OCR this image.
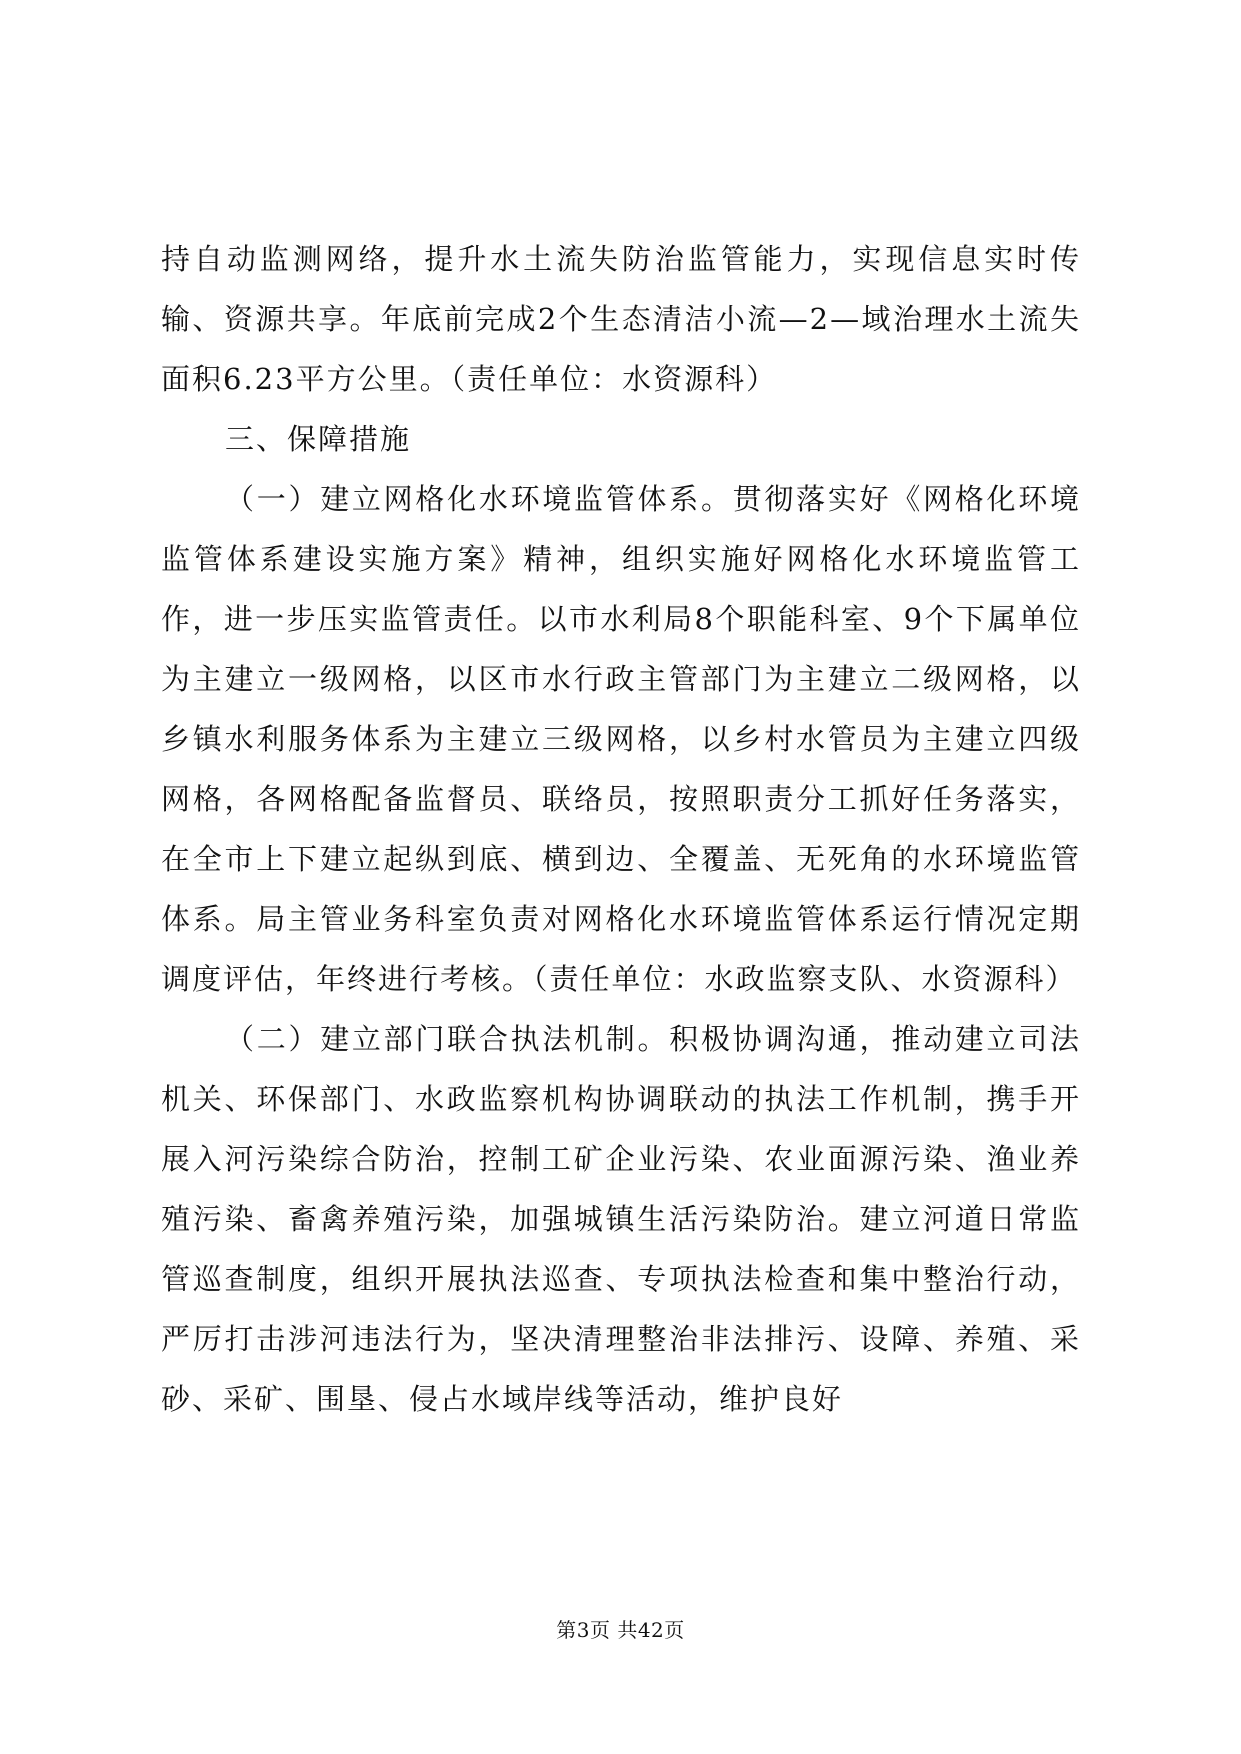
持自动监测网络，提升水土流失防治监管能力，实现信息实时传输、资源共享。年底前完成2个生态清洁小流—2—域治理水土流失面积6.23平方公里。（责任单位：水资源科）

三、保障措施

（一）建立网格化水环境监管体系。贯彻落实好《网格化环境监管体系建设实施方案》精神，组织实施好网格化水环境监管工作，进一步压实监管责任。以市水利局8个职能科室、9个下属单位为主建立一级网格，以区市水行政主管部门为主建立二级网格，以乡镇水利服务体系为主建立三级网格，以乡村水管员为主建立四级网格，各网格配备监督员、联络员，按照职责分工抓好任务落实，在全市上下建立起纵到底、横到边、全覆盖、无死角的水环境监管体系。局主管业务科室负责对网格化水环境监管体系运行情况定期调度评估，年终进行考核。（责任单位：水政监察支队、水资源科）

（二）建立部门联合执法机制。积极协调沟通，推动建立司法机关、环保部门、水政监察机构协调联动的执法工作机制，携手开展入河污染综合防治，控制工矿企业污染、农业面源污染、渔业养殖污染、畜禽养殖污染，加强城镇生活污染防治。建立河道日常监管巡查制度，组织开展执法巡查、专项执法检查和集中整治行动，严厉打击涉河违法行为，坚决清理整治非法排污、设障、养殖、采砂、采矿、围垦、侵占水域岸线等活动，维护良好

第3页 共42页
